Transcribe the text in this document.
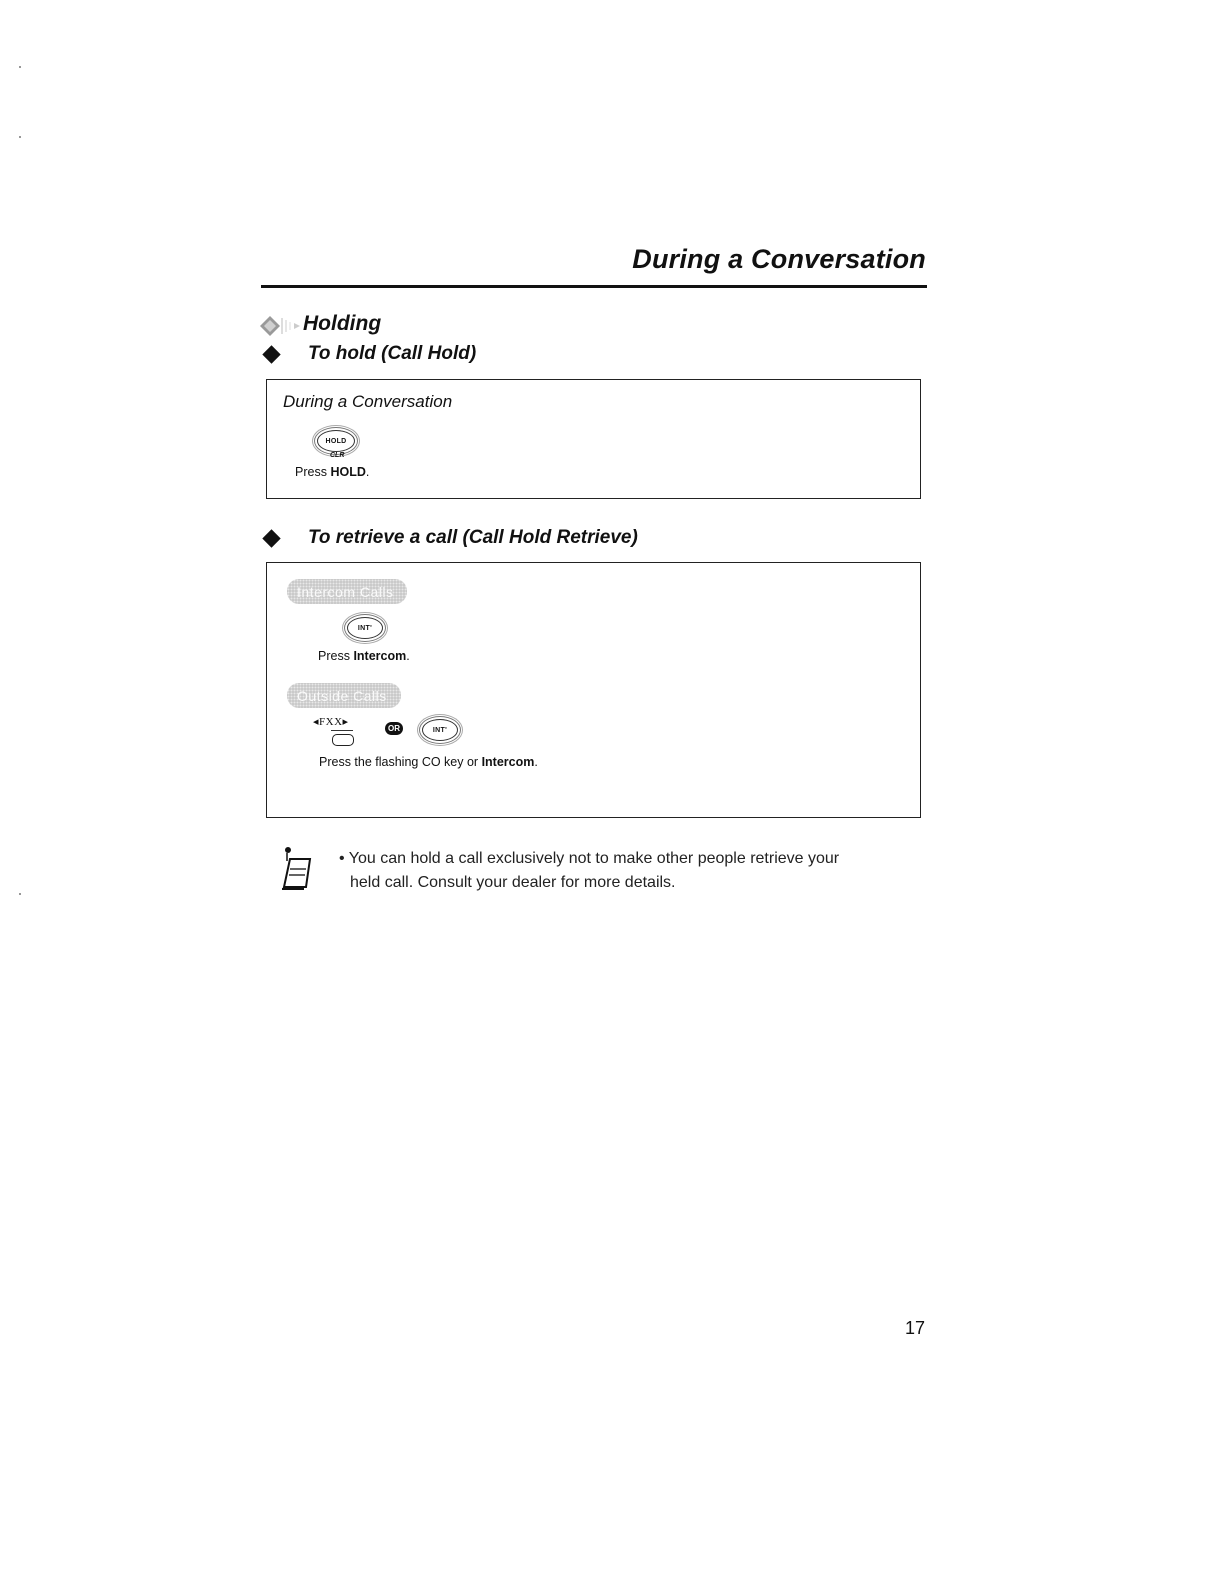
During a Conversation
Holding
To hold (Call Hold)
During a Conversation
HOLD
CLR
Press HOLD.
To retrieve a call (Call Hold Retrieve)
Intercom Calls
INT'
Press Intercom.
Outside Calls
◂FXX▸
OR	INT'
Press the flashing CO key or Intercom.
• You can hold a call exclusively not to make other people retrieve your
held call. Consult your dealer for more details.
17
